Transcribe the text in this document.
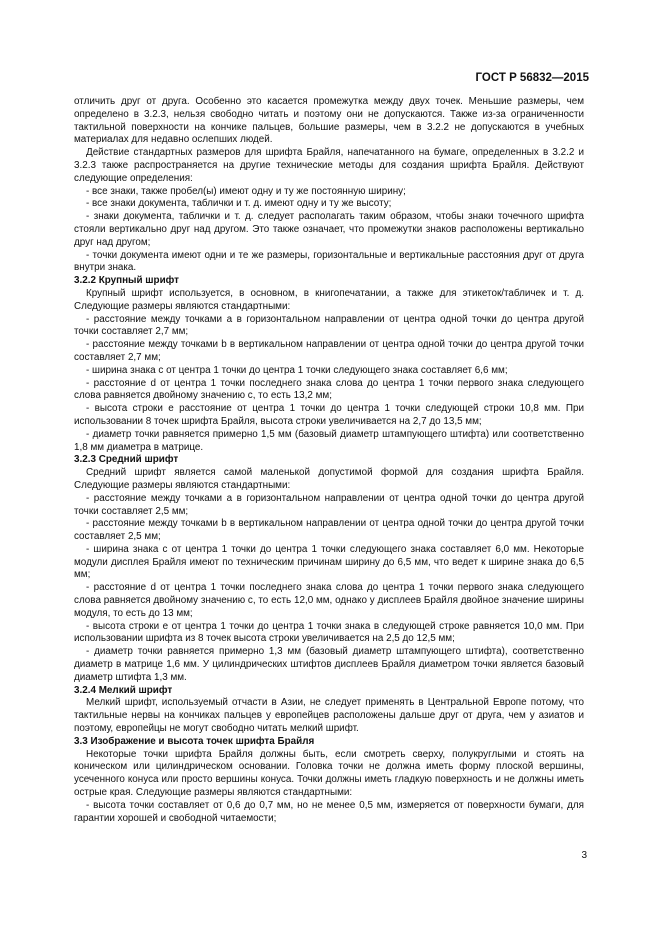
ГОСТ Р 56832—2015

отличить друг от друга. Особенно это касается промежутка между двух точек. Меньшие размеры, чем определено в 3.2.3, нельзя свободно читать и поэтому они не допускаются. Также из-за ограниченности тактильной поверхности на кончике пальцев, большие размеры, чем в 3.2.2 не допускаются в учебных материалах для недавно ослепших людей.

Действие стандартных размеров для шрифта Брайля, напечатанного на бумаге, определенных в 3.2.2 и 3.2.3 также распространяется на другие технические методы для создания шрифта Брайля. Действуют следующие определения:

- все знаки, также пробел(ы) имеют одну и ту же постоянную ширину;

- все знаки документа, таблички и т. д. имеют одну и ту же высоту;

- знаки документа, таблички и т. д. следует располагать таким образом, чтобы знаки точечного шрифта стояли вертикально друг над другом. Это также означает, что промежутки знаков расположены вертикально друг над другом;

- точки документа имеют одни и те же размеры, горизонтальные и вертикальные расстояния друг от друга внутри знака.

3.2.2 Крупный шрифт

Крупный шрифт используется, в основном, в книгопечатании, а также для этикеток/табличек и т. д. Следующие размеры являются стандартными:

- расстояние между точками а в горизонтальном направлении от центра одной точки до центра другой точки составляет 2,7 мм;

- расстояние между точками b в вертикальном направлении от центра одной точки до центра другой точки составляет 2,7 мм;

- ширина знака с от центра 1 точки до центра 1 точки следующего знака составляет 6,6 мм;

- расстояние d от центра 1 точки последнего знака слова до центра 1 точки первого знака следующего слова равняется двойному значению с, то есть 13,2 мм;

- высота строки е расстояние от центра 1 точки до центра 1 точки следующей строки 10,8 мм. При использовании 8 точек шрифта Брайля, высота строки увеличивается на 2,7 до 13,5 мм;

- диаметр точки равняется примерно 1,5 мм (базовый диаметр штампующего штифта) или соответственно 1,8 мм диаметра в матрице.

3.2.3 Средний шрифт

Средний шрифт является самой маленькой допустимой формой для создания шрифта Брайля. Следующие размеры являются стандартными:

- расстояние между точками а в горизонтальном направлении от центра одной точки до центра другой точки составляет 2,5 мм;

- расстояние между точками b в вертикальном направлении от центра одной точки до центра другой точки составляет 2,5 мм;

- ширина знака с от центра 1 точки до центра 1 точки следующего знака составляет 6,0 мм. Некоторые модули дисплея Брайля имеют по техническим причинам ширину до 6,5 мм, что ведет к ширине знака до 6,5 мм;

- расстояние d от центра 1 точки последнего знака слова до центра 1 точки первого знака следующего слова равняется двойному значению с, то есть 12,0 мм, однако у дисплеев Брайля двойное значение ширины модуля, то есть до 13 мм;

- высота строки е от центра 1 точки до центра 1 точки знака в следующей строке равняется 10,0 мм. При использовании шрифта из 8 точек высота строки увеличивается на 2,5 до 12,5 мм;

- диаметр точки равняется примерно 1,3 мм (базовый диаметр штампующего штифта), соответственно диаметр в матрице 1,6 мм. У цилиндрических штифтов дисплеев Брайля диаметром точки является базовый диаметр штифта 1,3 мм.

3.2.4 Мелкий шрифт

Мелкий шрифт, используемый отчасти в Азии, не следует применять в Центральной Европе потому, что тактильные нервы на кончиках пальцев у европейцев расположены дальше друг от друга, чем у азиатов и поэтому, европейцы не могут свободно читать мелкий шрифт.

3.3 Изображение и высота точек шрифта Брайля

Некоторые точки шрифта Брайля должны быть, если смотреть сверху, полукруглыми и стоять на коническом или цилиндрическом основании. Головка точки не должна иметь форму плоской вершины, усеченного конуса или просто вершины конуса. Точки должны иметь гладкую поверхность и не должны иметь острые края. Следующие размеры являются стандартными:

- высота точки составляет от 0,6 до 0,7 мм, но не менее 0,5 мм, измеряется от поверхности бумаги, для гарантии хорошей и свободной читаемости;

3
